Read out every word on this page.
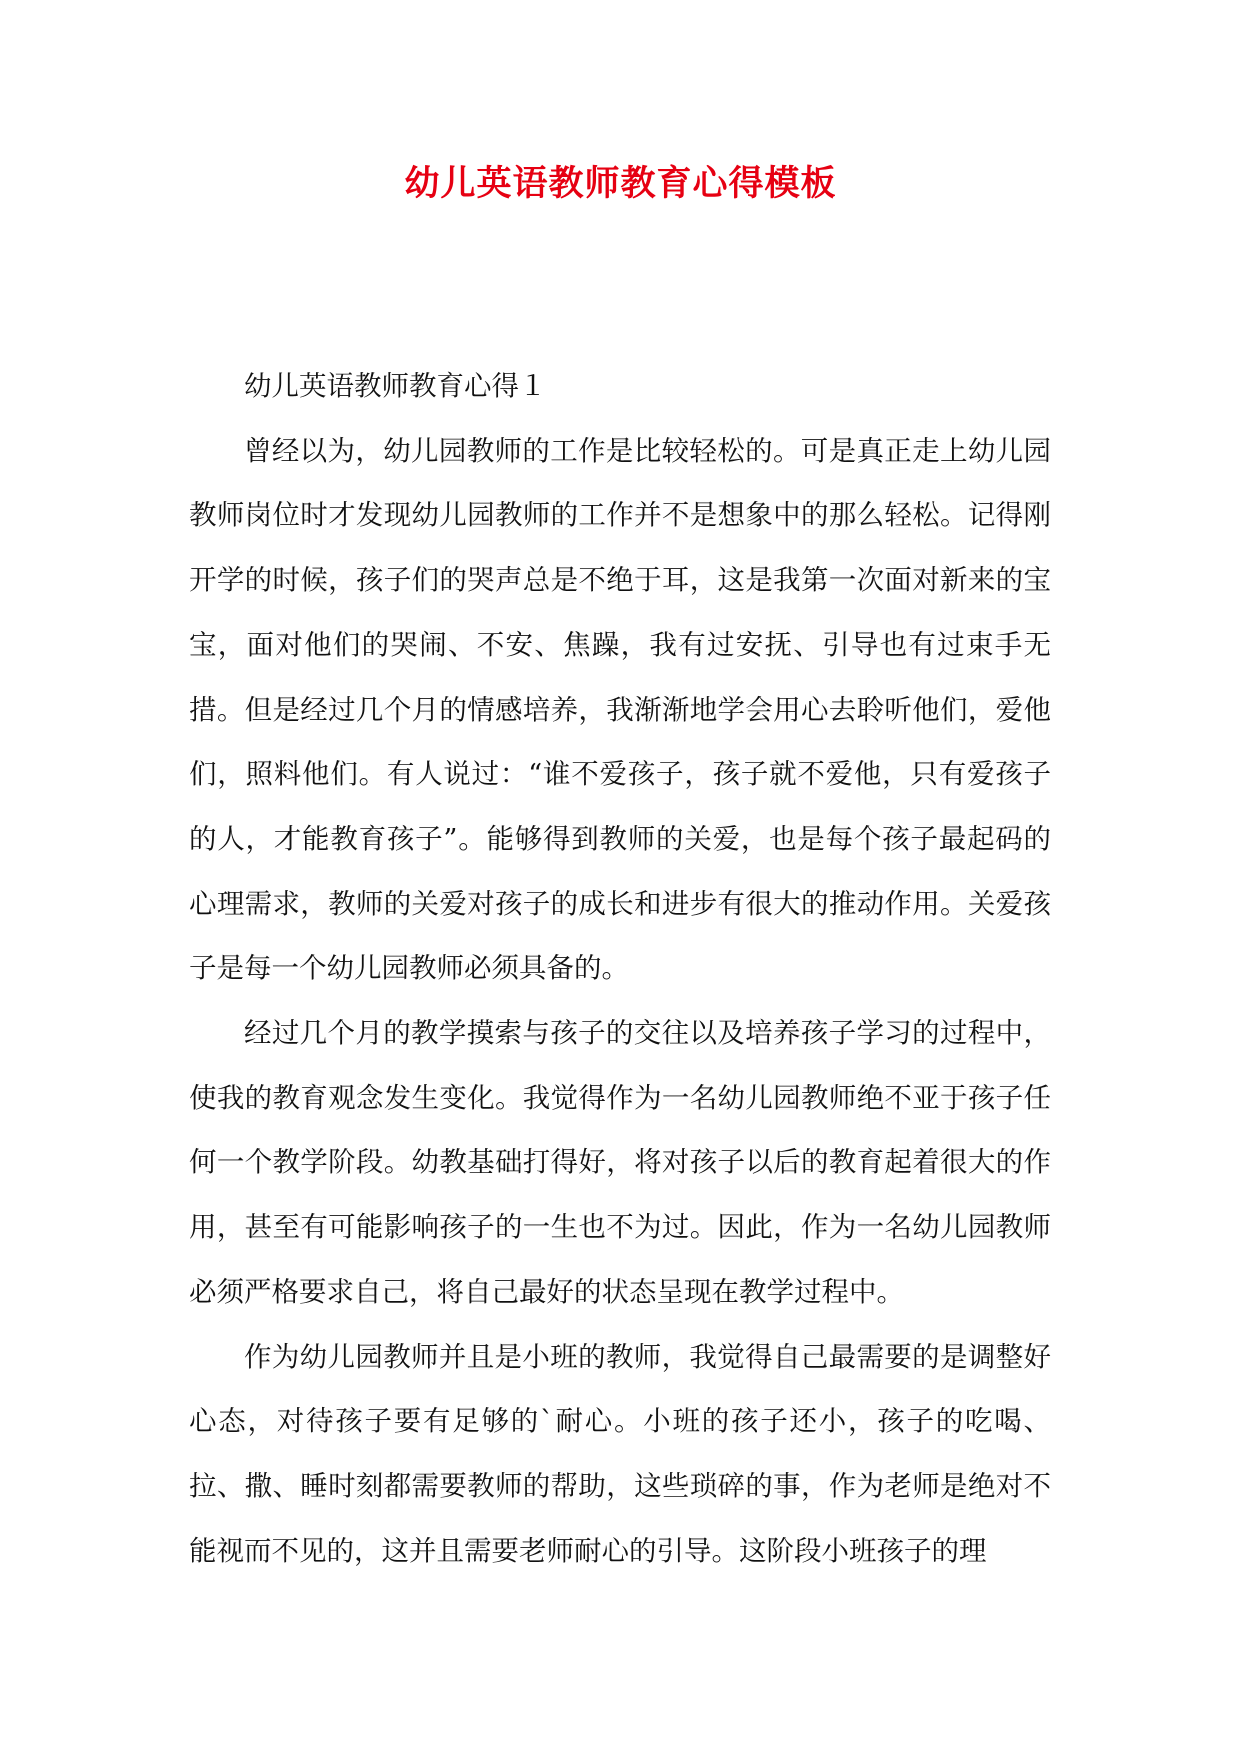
幼儿英语教师教育心得模板

幼儿英语教师教育心得１

曾经以为，幼儿园教师的工作是比较轻松的。可是真正走上幼儿园教师岗位时才发现幼儿园教师的工作并不是想象中的那么轻松。记得刚开学的时候，孩子们的哭声总是不绝于耳，这是我第一次面对新来的宝宝，面对他们的哭闹、不安、焦躁，我有过安抚、引导也有过束手无措。但是经过几个月的情感培养，我渐渐地学会用心去聆听他们，爱他们，照料他们。有人说过：“谁不爱孩子，孩子就不爱他，只有爱孩子的人，才能教育孩子”。能够得到教师的关爱，也是每个孩子最起码的心理需求，教师的关爱对孩子的成长和进步有很大的推动作用。关爱孩子是每一个幼儿园教师必须具备的。

经过几个月的教学摸索与孩子的交往以及培养孩子学习的过程中，使我的教育观念发生变化。我觉得作为一名幼儿园教师绝不亚于孩子任何一个教学阶段。幼教基础打得好，将对孩子以后的教育起着很大的作用，甚至有可能影响孩子的一生也不为过。因此，作为一名幼儿园教师必须严格要求自己，将自己最好的状态呈现在教学过程中。

作为幼儿园教师并且是小班的教师，我觉得自己最需要的是调整好心态，对待孩子要有足够的`耐心。小班的孩子还小，孩子的吃喝、拉、撒、睡时刻都需要教师的帮助，这些琐碎的事，作为老师是绝对不能视而不见的，这并且需要老师耐心的引导。这阶段小班孩子的理
